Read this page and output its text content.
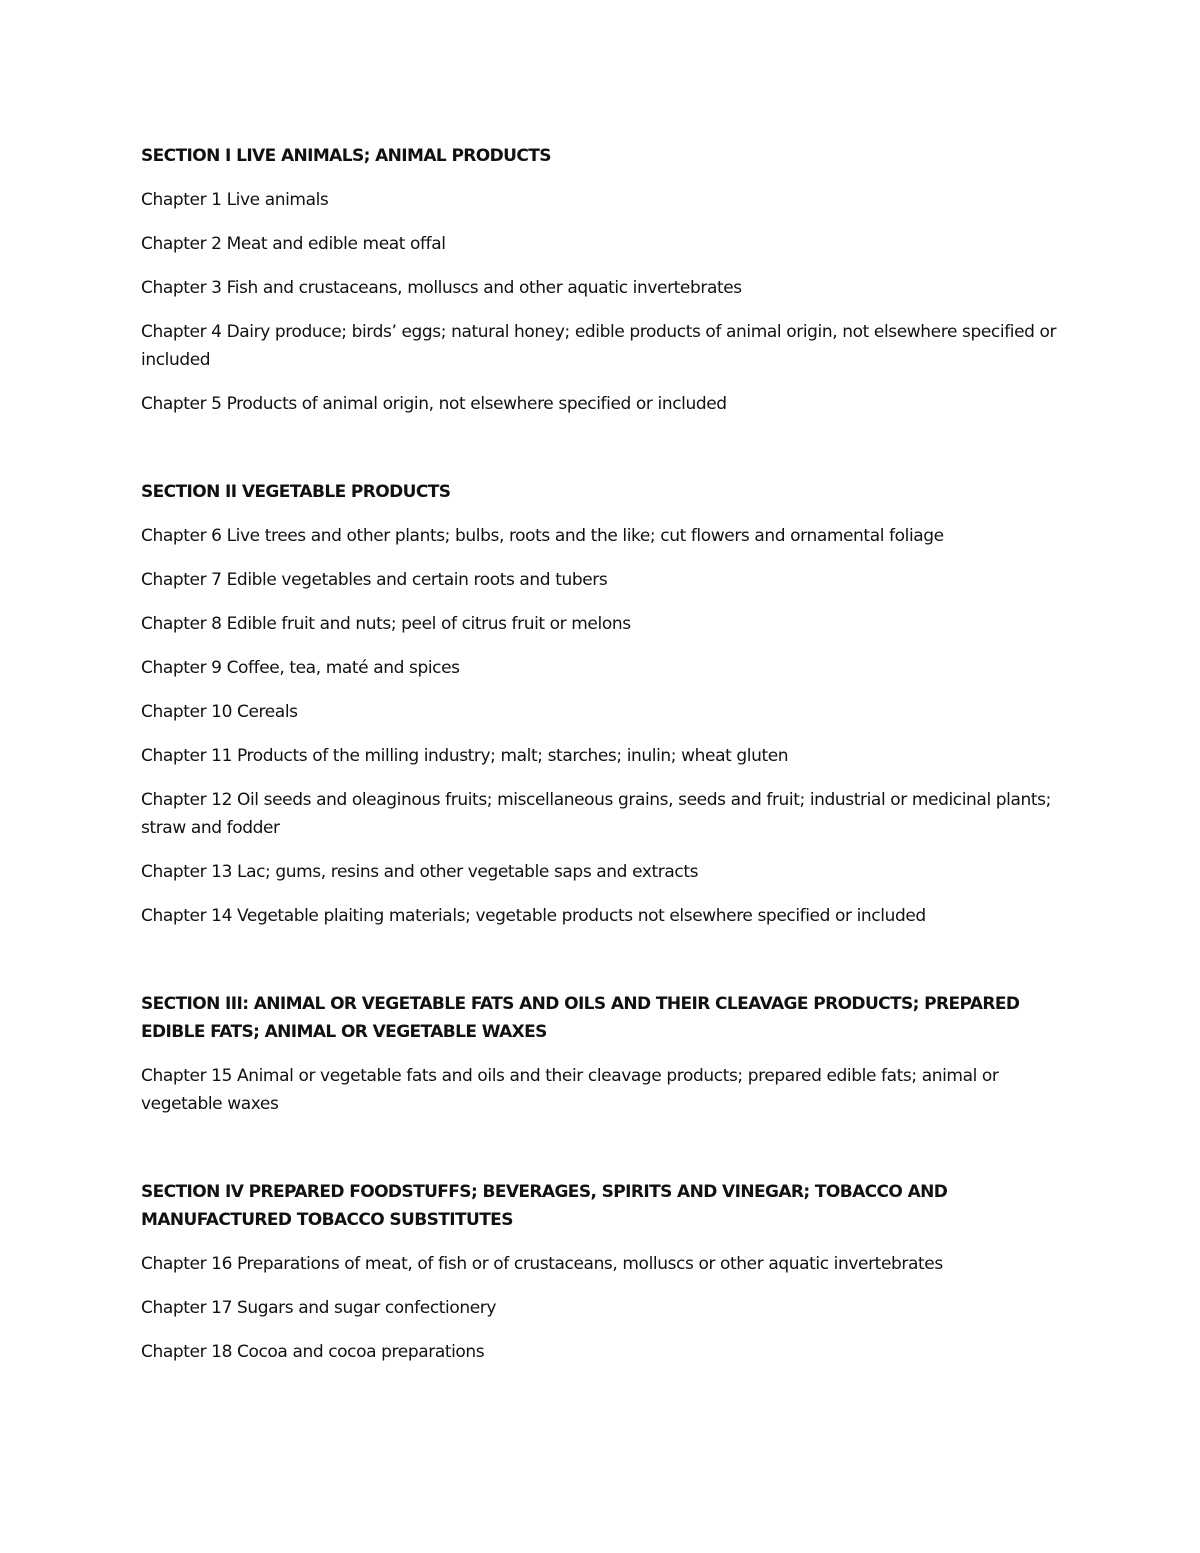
SECTION I LIVE ANIMALS; ANIMAL PRODUCTS

Chapter 1 Live animals

Chapter 2 Meat and edible meat offal

Chapter 3 Fish and crustaceans, molluscs and other aquatic invertebrates

Chapter 4 Dairy produce; birds’ eggs; natural honey; edible products of animal origin, not elsewhere specified or included

Chapter 5 Products of animal origin, not elsewhere specified or included

SECTION II VEGETABLE PRODUCTS

Chapter 6 Live trees and other plants; bulbs, roots and the like; cut flowers and ornamental foliage

Chapter 7 Edible vegetables and certain roots and tubers

Chapter 8 Edible fruit and nuts; peel of citrus fruit or melons

Chapter 9 Coffee, tea, maté and spices

Chapter 10 Cereals

Chapter 11 Products of the milling industry; malt; starches; inulin; wheat gluten

Chapter 12 Oil seeds and oleaginous fruits; miscellaneous grains, seeds and fruit; industrial or medicinal plants; straw and fodder

Chapter 13 Lac; gums, resins and other vegetable saps and extracts

Chapter 14 Vegetable plaiting materials; vegetable products not elsewhere specified or included

SECTION III: ANIMAL OR VEGETABLE FATS AND OILS AND THEIR CLEAVAGE PRODUCTS; PREPARED EDIBLE FATS; ANIMAL OR VEGETABLE WAXES

Chapter 15 Animal or vegetable fats and oils and their cleavage products; prepared edible fats; animal or vegetable waxes

SECTION IV PREPARED FOODSTUFFS; BEVERAGES, SPIRITS AND VINEGAR; TOBACCO AND MANUFACTURED TOBACCO SUBSTITUTES

Chapter 16 Preparations of meat, of fish or of crustaceans, molluscs or other aquatic invertebrates

Chapter 17 Sugars and sugar confectionery

Chapter 18 Cocoa and cocoa preparations
